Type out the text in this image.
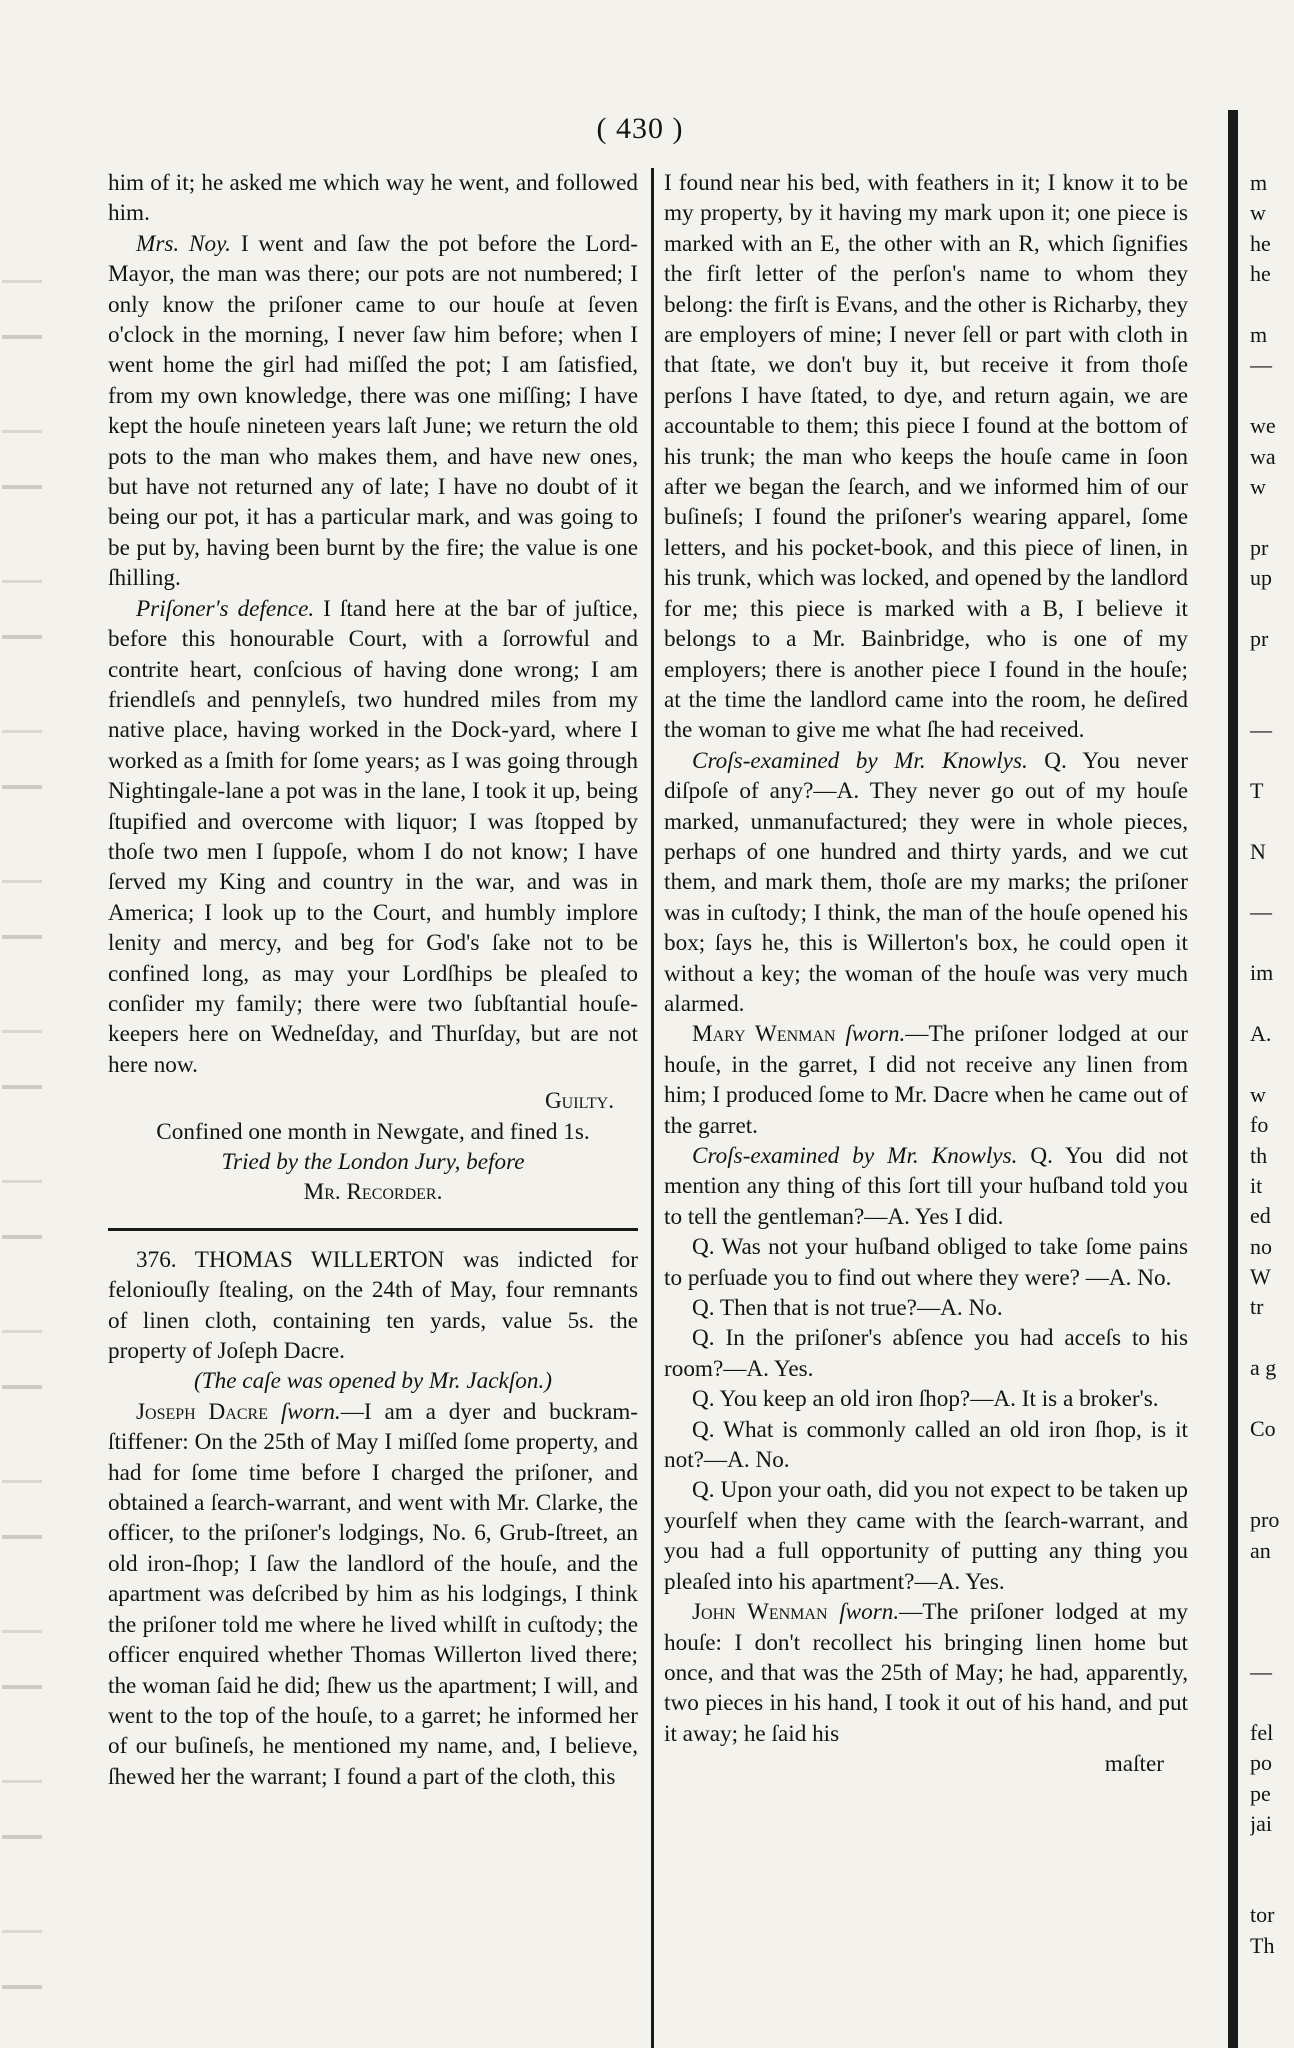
( 430 )

him of it; he asked me which way he went, and followed him.

Mrs. Noy. I went and ſaw the pot before the Lord-Mayor, the man was there; our pots are not numbered; I only know the priſoner came to our houſe at ſeven o'clock in the morning, I never ſaw him before; when I went home the girl had miſſed the pot; I am ſatisfied, from my own knowledge, there was one miſſing; I have kept the houſe nineteen years laſt June; we return the old pots to the man who makes them, and have new ones, but have not returned any of late; I have no doubt of it being our pot, it has a particular mark, and was going to be put by, having been burnt by the fire; the value is one ſhilling.

Priſoner's defence. I ſtand here at the bar of juſtice, before this honourable Court, with a ſorrowful and contrite heart, conſcious of having done wrong; I am friendleſs and pennyleſs, two hundred miles from my native place, having worked in the Dock-yard, where I worked as a ſmith for ſome years; as I was going through Nightingale-lane a pot was in the lane, I took it up, being ſtupified and overcome with liquor; I was ſtopped by thoſe two men I ſuppoſe, whom I do not know; I have ſerved my King and country in the war, and was in America; I look up to the Court, and humbly implore lenity and mercy, and beg for God's ſake not to be confined long, as may your Lordſhips be pleaſed to conſider my family; there were two ſubſtantial houſe-keepers here on Wedneſday, and Thurſday, but are not here now.

Guilty.

Confined one month in Newgate, and fined 1s.

Tried by the London Jury, before

Mr. Recorder.

376. THOMAS WILLERTON was indicted for feloniouſly ſtealing, on the 24th of May, four remnants of linen cloth, containing ten yards, value 5s. the property of Joſeph Dacre.

(The caſe was opened by Mr. Jackſon.)

Joseph Dacre ſworn.—I am a dyer and buckram-ſtiffener: On the 25th of May I miſſed ſome property, and had for ſome time before I charged the priſoner, and obtained a ſearch-warrant, and went with Mr. Clarke, the officer, to the priſoner's lodgings, No. 6, Grub-ſtreet, an old iron-ſhop; I ſaw the landlord of the houſe, and the apartment was deſcribed by him as his lodgings, I think the priſoner told me where he lived whilſt in cuſtody; the officer enquired whether Thomas Willerton lived there; the woman ſaid he did; ſhew us the apartment; I will, and went to the top of the houſe, to a garret; he informed her of our buſineſs, he mentioned my name, and, I believe, ſhewed her the warrant; I found a part of the cloth, this

I found near his bed, with feathers in it; I know it to be my property, by it having my mark upon it; one piece is marked with an E, the other with an R, which ſignifies the firſt letter of the perſon's name to whom they belong: the firſt is Evans, and the other is Richarby, they are employers of mine; I never ſell or part with cloth in that ſtate, we don't buy it, but receive it from thoſe perſons I have ſtated, to dye, and return again, we are accountable to them; this piece I found at the bottom of his trunk; the man who keeps the houſe came in ſoon after we began the ſearch, and we informed him of our buſineſs; I found the priſoner's wearing apparel, ſome letters, and his pocket-book, and this piece of linen, in his trunk, which was locked, and opened by the landlord for me; this piece is marked with a B, I believe it belongs to a Mr. Bainbridge, who is one of my employers; there is another piece I found in the houſe; at the time the landlord came into the room, he deſired the woman to give me what ſhe had received.

Croſs-examined by Mr. Knowlys. Q. You never diſpoſe of any?—A. They never go out of my houſe marked, unmanufactured; they were in whole pieces, perhaps of one hundred and thirty yards, and we cut them, and mark them, thoſe are my marks; the priſoner was in cuſtody; I think, the man of the houſe opened his box; ſays he, this is Willerton's box, he could open it without a key; the woman of the houſe was very much alarmed.

Mary Wenman ſworn.—The priſoner lodged at our houſe, in the garret, I did not receive any linen from him; I produced ſome to Mr. Dacre when he came out of the garret.

Croſs-examined by Mr. Knowlys. Q. You did not mention any thing of this ſort till your huſband told you to tell the gentleman?—A. Yes I did.

Q. Was not your huſband obliged to take ſome pains to perſuade you to find out where they were? —A. No.

Q. Then that is not true?—A. No.

Q. In the priſoner's abſence you had acceſs to his room?—A. Yes.

Q. You keep an old iron ſhop?—A. It is a broker's.

Q. What is commonly called an old iron ſhop, is it not?—A. No.

Q. Upon your oath, did you not expect to be taken up yourſelf when they came with the ſearch-warrant, and you had a full opportunity of putting any thing you pleaſed into his apartment?—A. Yes.

John Wenman ſworn.—The priſoner lodged at my houſe: I don't recollect his bringing linen home but once, and that was the 25th of May; he had, apparently, two pieces in his hand, I took it out of his hand, and put it away; he ſaid his

maſter

m
w
he
he
m
—
we
wa
w
pr
up
pr
—
T
N
—
im
A.
w
fo
th
it
ed
no
W
tr
a g
Co
pro
an
—
fel
po
pe
jai
tor
Th
